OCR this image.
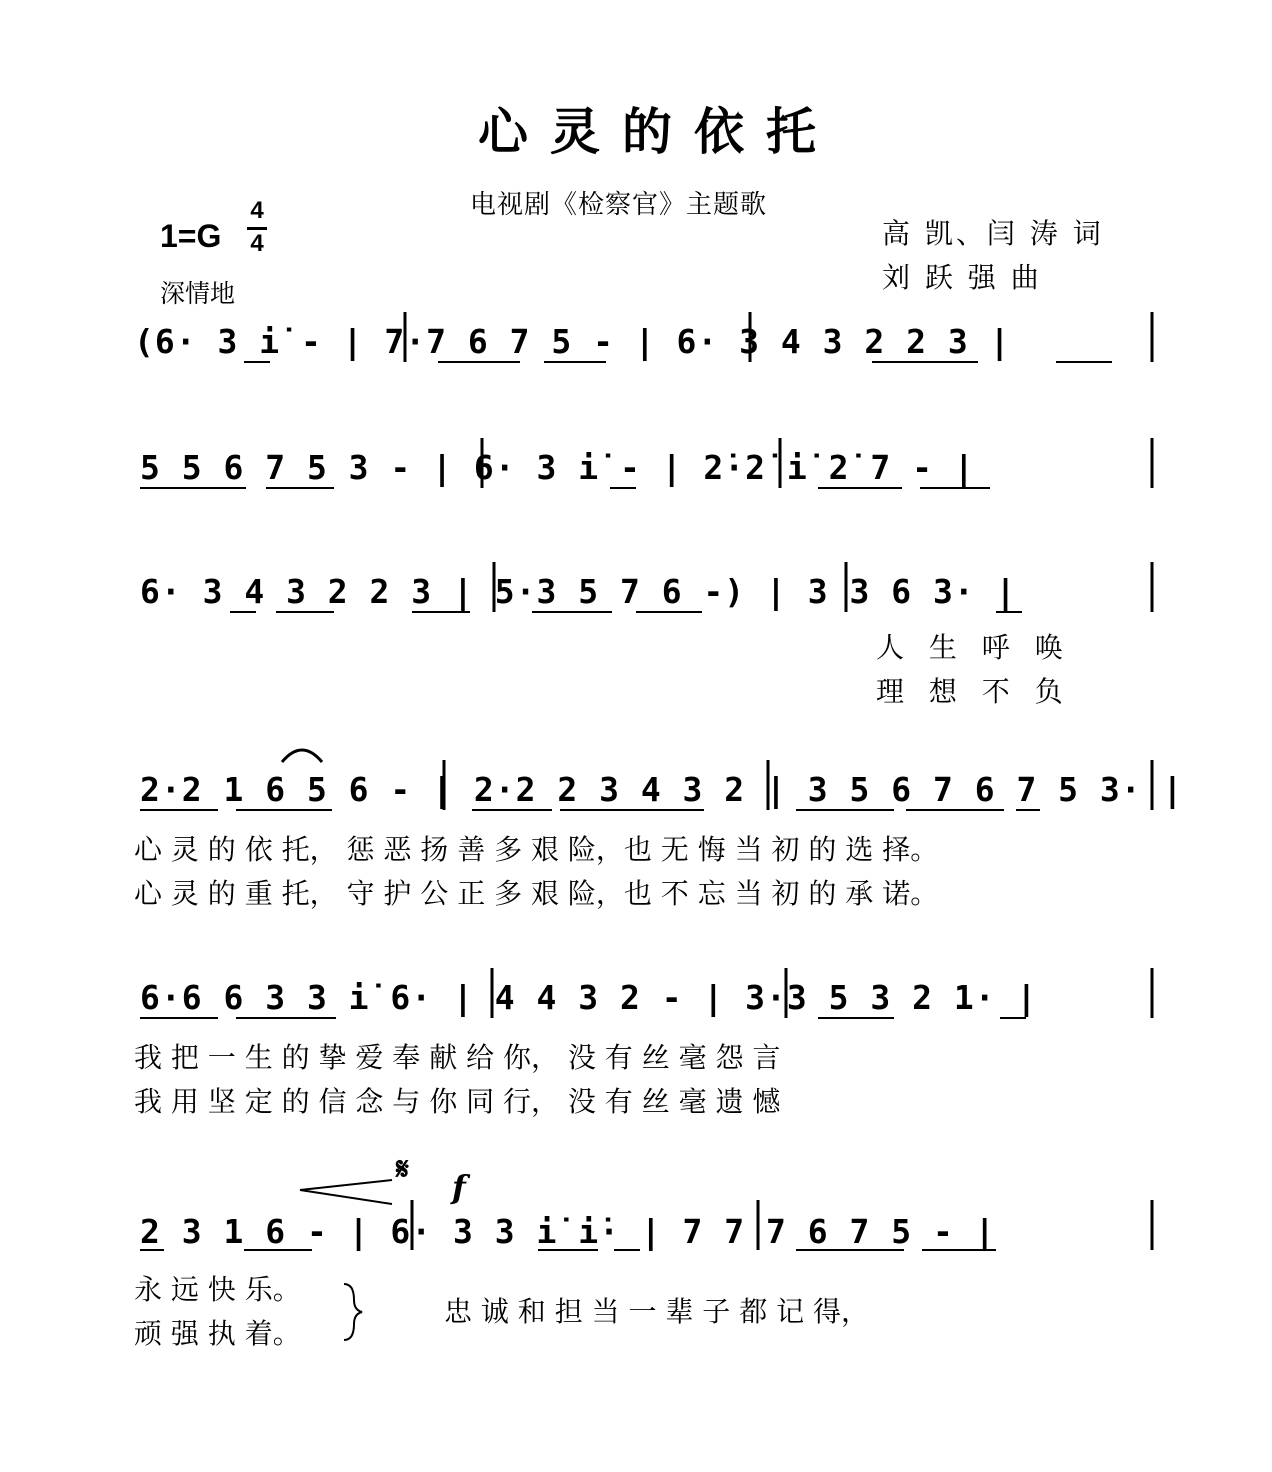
心灵的依托
电视剧《检察官》主题歌
高 凯、闫 涛 词
刘 跃 强 曲
1=G
4
4
深情地
(6· 3 i̇ - | 7·7 6 7 5 - | 6· 3 4 3 2 2 3 |
5 5 6 7 5 3 - | 6· 3 i̇ - | 2̇·2̇ i̇ 2̇ 7 - |
6· 3 4 3 2 2 3 | 5·3 5 7 6 -) | 3 3 6 3· |
人 生 呼 唤
理 想 不 负
2·2 1 6 5 6 - | 2·2 2 3 4 3 2 | 3 5 6 7 6 7 5 3· |
心 灵 的 依 托， 惩 恶 扬 善 多 艰 险，也 无 悔 当 初 的 选 择。
心 灵 的 重 托， 守 护 公 正 多 艰 险，也 不 忘 当 初 的 承 诺。
6·6 6 3 3 i̇ 6· | 4 4 3 2 - | 3·3 5 3 2 1· |
我 把 一 生 的 挚 爱 奉 献 给 你， 没 有 丝 毫 怨 言
我 用 坚 定 的 信 念 与 你 同 行， 没 有 丝 毫 遗 憾
𝄋 f
2 3 1 6 - | 6· 3 3 i̇ i̇· | 7 7 7 6 7 5 - |
永 远 快 乐。
顽 强 执 着。
忠 诚 和 担 当 一 辈 子 都 记 得，
